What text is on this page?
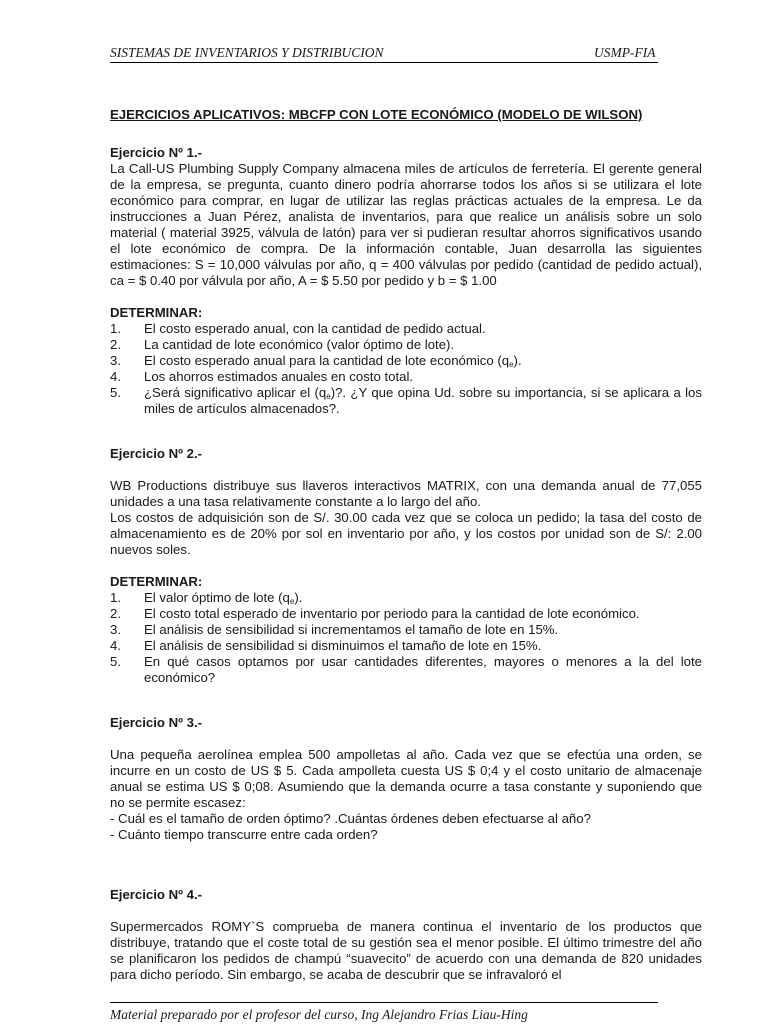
SISTEMAS DE INVENTARIOS Y DISTRIBUCION	USMP-FIA

EJERCICIOS APLICATIVOS: MBCFP CON LOTE ECONÓMICO (MODELO DE WILSON)

Ejercicio Nº 1.-

La Call-US Plumbing Supply Company almacena miles de artículos de ferretería. El gerente general de la empresa, se pregunta, cuanto dinero podría ahorrarse todos los años si se utilizara el lote económico para comprar, en lugar de utilizar las reglas prácticas actuales de la empresa. Le da instrucciones a Juan Pérez, analista de inventarios, para que realice un análisis sobre un solo material ( material 3925, válvula de latón) para ver si pudieran resultar ahorros significativos usando el lote económico de compra. De la información contable, Juan desarrolla las siguientes estimaciones: S = 10,000 válvulas por año, q = 400 válvulas por pedido (cantidad de pedido actual), ca = $ 0.40 por válvula por año, A = $ 5.50 por pedido y b = $ 1.00

DETERMINAR:

1.	El costo esperado anual, con la cantidad de pedido actual.
2.	La cantidad de lote económico (valor óptimo de lote).
3.	El costo esperado anual para la cantidad de lote económico $(q_e)$.
4.	Los ahorros estimados anuales en costo total.
5.	¿Será significativo aplicar el $(q_e)$?. ¿Y que opina Ud. sobre su importancia, si se aplicara a los miles de artículos almacenados?.

Ejercicio Nº 2.-

WB Productions distribuye sus llaveros interactivos MATRIX, con una demanda anual de 77,055 unidades a una tasa relativamente constante a lo largo del año.

Los costos de adquisición son de S/. 30.00 cada vez que se coloca un pedido; la tasa del costo de almacenamiento es de 20% por sol en inventario por año, y los costos por unidad son de S/: 2.00 nuevos soles.

DETERMINAR:

1.	El valor óptimo de lote $(q_e)$.
2.	El costo total esperado de inventario por periodo para la cantidad de lote económico.
3.	El análisis de sensibilidad si incrementamos el tamaño de lote en 15%.
4.	El análisis de sensibilidad si disminuimos el tamaño de lote en 15%.
5.	En qué casos optamos por usar cantidades diferentes, mayores o menores a la del lote económico?

Ejercicio Nº 3.-

Una pequeña aerolínea emplea 500 ampolletas al año. Cada vez que se efectúa una orden, se incurre en un costo de US $ 5. Cada ampolleta cuesta US $ 0;4 y el costo unitario de almacenaje anual se estima US $ 0;08. Asumiendo que la demanda ocurre a tasa constante y suponiendo que no se permite escasez:

- Cuál es el tamaño de orden óptimo? .Cuántas órdenes deben efectuarse al año?

- Cuánto tiempo transcurre entre cada orden?

Ejercicio Nº 4.-

Supermercados ROMY`S comprueba de manera continua el inventario de los productos que distribuye, tratando que el coste total de su gestión sea el menor posible. El último trimestre del año se planificaron los pedidos de champú “suavecito” de acuerdo con una demanda de 820 unidades para dicho período. Sin embargo, se acaba de descubrir que se infravaloró el

Material preparado por el profesor del curso, Ing Alejandro Frias Liau-Hing
